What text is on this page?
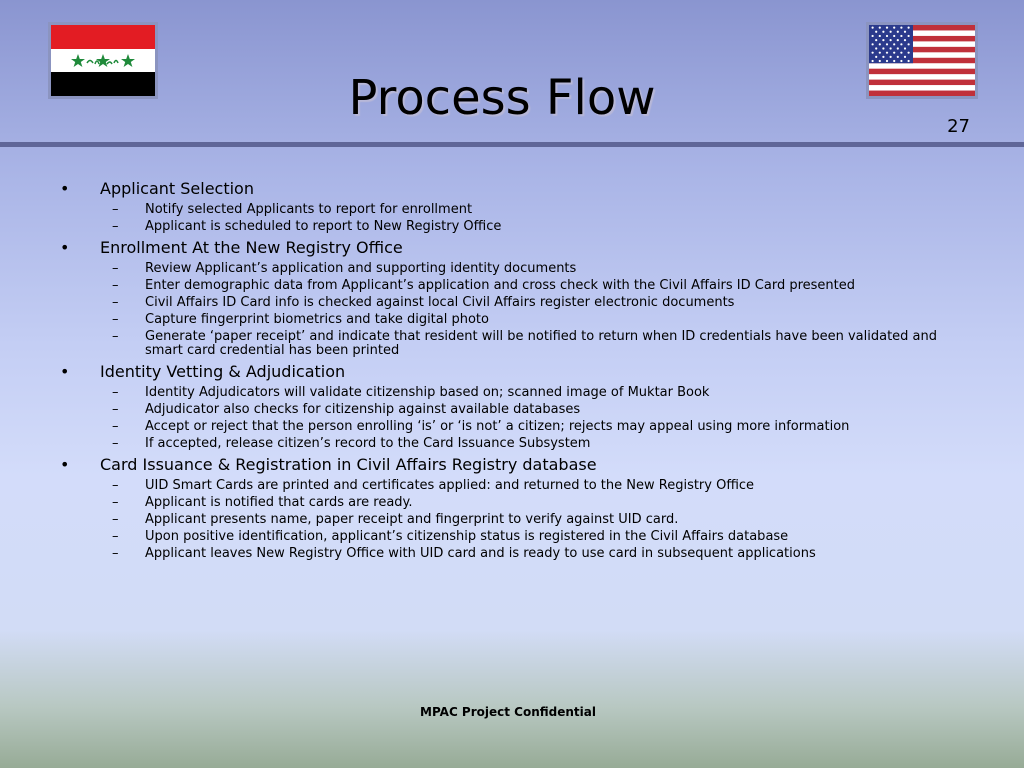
Process Flow
27
• Applicant Selection
– Notify selected Applicants to report for enrollment
– Applicant is scheduled to report to New Registry Office
• Enrollment At the New Registry Office
– Review Applicant’s application and supporting identity documents
– Enter demographic data from Applicant’s application and cross check with the Civil Affairs ID Card presented
– Civil Affairs ID Card info is checked against local Civil Affairs register electronic documents
– Capture fingerprint biometrics and take digital photo
– Generate ‘paper receipt’ and indicate that resident will be notified to return when ID credentials have been validated and smart card credential has been printed
• Identity Vetting & Adjudication
– Identity Adjudicators will validate citizenship based on; scanned image of Muktar Book
– Adjudicator also checks for citizenship against available databases
– Accept or reject that the person enrolling ‘is’ or ‘is not’ a citizen; rejects may appeal using more information
– If accepted, release citizen’s record to the Card Issuance Subsystem
• Card Issuance & Registration in Civil Affairs Registry database
– UID Smart Cards are printed and certificates applied: and returned to the New Registry Office
– Applicant is notified that cards are ready.
– Applicant presents name, paper receipt and fingerprint to verify against UID card.
– Upon positive identification, applicant’s citizenship status is registered in the Civil Affairs database
– Applicant leaves New Registry Office with UID card and is ready to use card in subsequent applications
MPAC Project Confidential
